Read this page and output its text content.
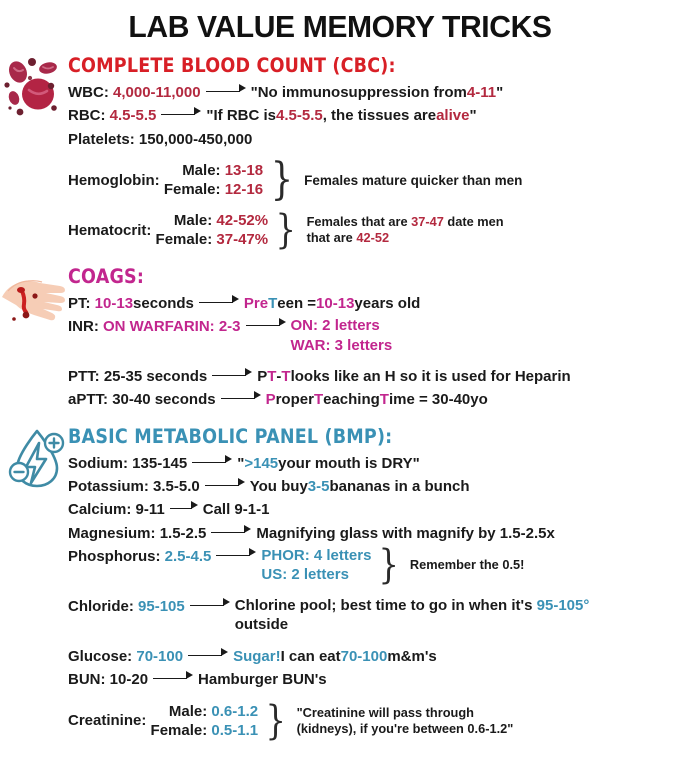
LAB VALUE MEMORY TRICKS
COMPLETE BLOOD COUNT (CBC):
WBC:
4,000-11,000	"No immunosuppression from 4-11 "
RBC:
4.5-5.5	"If RBC is 4.5-5.5 , the tissues are alive "
Platelets:
150,000-450,000
Hemoglobin:

Male: 13-18
Female: 12-16 } Females mature quicker than men
Hematocrit:

Male: 42-52%
Female: 37-47% } Females that are 37-47 date men
that are 42-52
COAGS:
PT:
10-13 seconds	Pre T een = 10-13 years old
INR:
ON WARFARIN: 2-3	ON: 2 letters
WAR: 3 letters
PTT:
25-35 seconds	P T - T looks like an H so it is used for Heparin
aPTT:
30-40 seconds	P roper T eaching T ime = 30-40yo
BASIC METABOLIC PANEL (BMP):
Sodium:
135-145	" >145 your mouth is DRY"
Potassium:
3.5-5.0	You buy 3-5 bananas in a bunch
Calcium:
9-11	Call 9-1-1
Magnesium:
1.5-2.5	Magnifying glass with magnify by 1.5-2.5x
Phosphorus:
2.5-4.5	PHOR: 4 letters
US: 2 letters } Remember the 0.5!
Chloride:
95-105	Chlorine pool; best time to go in when it's 95-105°
outside
Glucose:
70-100	Sugar! I can eat 70-100 m&m's
BUN:
10-20	Hamburger BUN's
Creatinine:

Male: 0.6-1.2
Female: 0.5-1.1 } "Creatinine will pass through
(kidneys), if you're between 0.6-1.2"
